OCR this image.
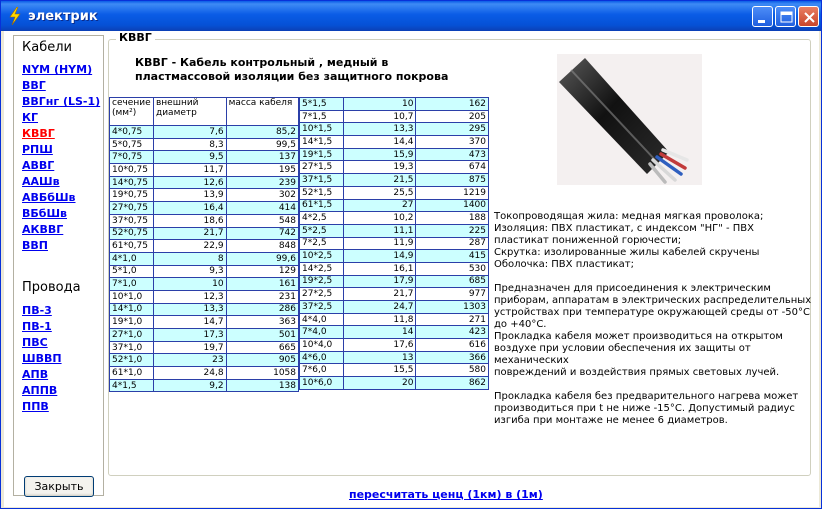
электрик
Кабели
NYM (HYM)
ВВГ
ВВГнг (LS-1)
КГ
КВВГ
РПШ
АВВГ
ААШв
АВБбШв
ВБбШв
АКВВГ
ВВП
Провода
ПВ-3
ПВ-1
ПВС
ШВВП
АПВ
АППВ
ППВ
Закрыть
КВВГ
КВВГ - Кабель контрольный , медный в пластмассовой изоляции без защитного покрова
сечение (мм²)	внешний диаметр	масса кабеля
4*0,75	7,6	85,2
5*0,75	8,3	99,5
7*0,75	9,5	137
10*0,75	11,7	195
14*0,75	12,6	239
19*0,75	13,9	302
27*0,75	16,4	414
37*0,75	18,6	548
52*0,75	21,7	742
61*0,75	22,9	848
4*1,0	8	99,6
5*1,0	9,3	129
7*1,0	10	161
10*1,0	12,3	231
14*1,0	13,3	286
19*1,0	14,7	363
27*1,0	17,3	501
37*1,0	19,7	665
52*1,0	23	905
61*1,0	24,8	1058
4*1,5	9,2	138
5*1,5	10	162
7*1,5	10,7	205
10*1,5	13,3	295
14*1,5	14,4	370
19*1,5	15,9	473
27*1,5	19,3	674
37*1,5	21,5	875
52*1,5	25,5	1219
61*1,5	27	1400
4*2,5	10,2	188
5*2,5	11,1	225
7*2,5	11,9	287
10*2,5	14,9	415
14*2,5	16,1	530
19*2,5	17,9	685
27*2,5	21,7	977
37*2,5	24,7	1303
4*4,0	11,8	271
7*4,0	14	423
10*4,0	17,6	616
4*6,0	13	366
7*6,0	15,5	580
10*6,0	20	862
Токопроводящая жила: медная мягкая проволока;
Изоляция: ПВХ пластикат, с индексом "НГ" - ПВХ пластикат пониженной горючести;
Скрутка: изолированные жилы кабелей скручены
Оболочка: ПВХ пластикат;

Предназначен для присоединения к электрическим приборам, аппаратам в электрических распределительных устройствах при температуре окружающей среды от -50°С до +40°С.
Прокладка кабеля может производиться на открытом воздухе при условии обеспечения их защиты от механических
повреждений и воздействия прямых световых лучей.

Прокладка кабеля без предварительного нагрева может производиться при t не ниже -15°С. Допустимый радиус изгиба при монтаже не менее 6 диаметров.
пересчитать ценц (1км) в (1м)
